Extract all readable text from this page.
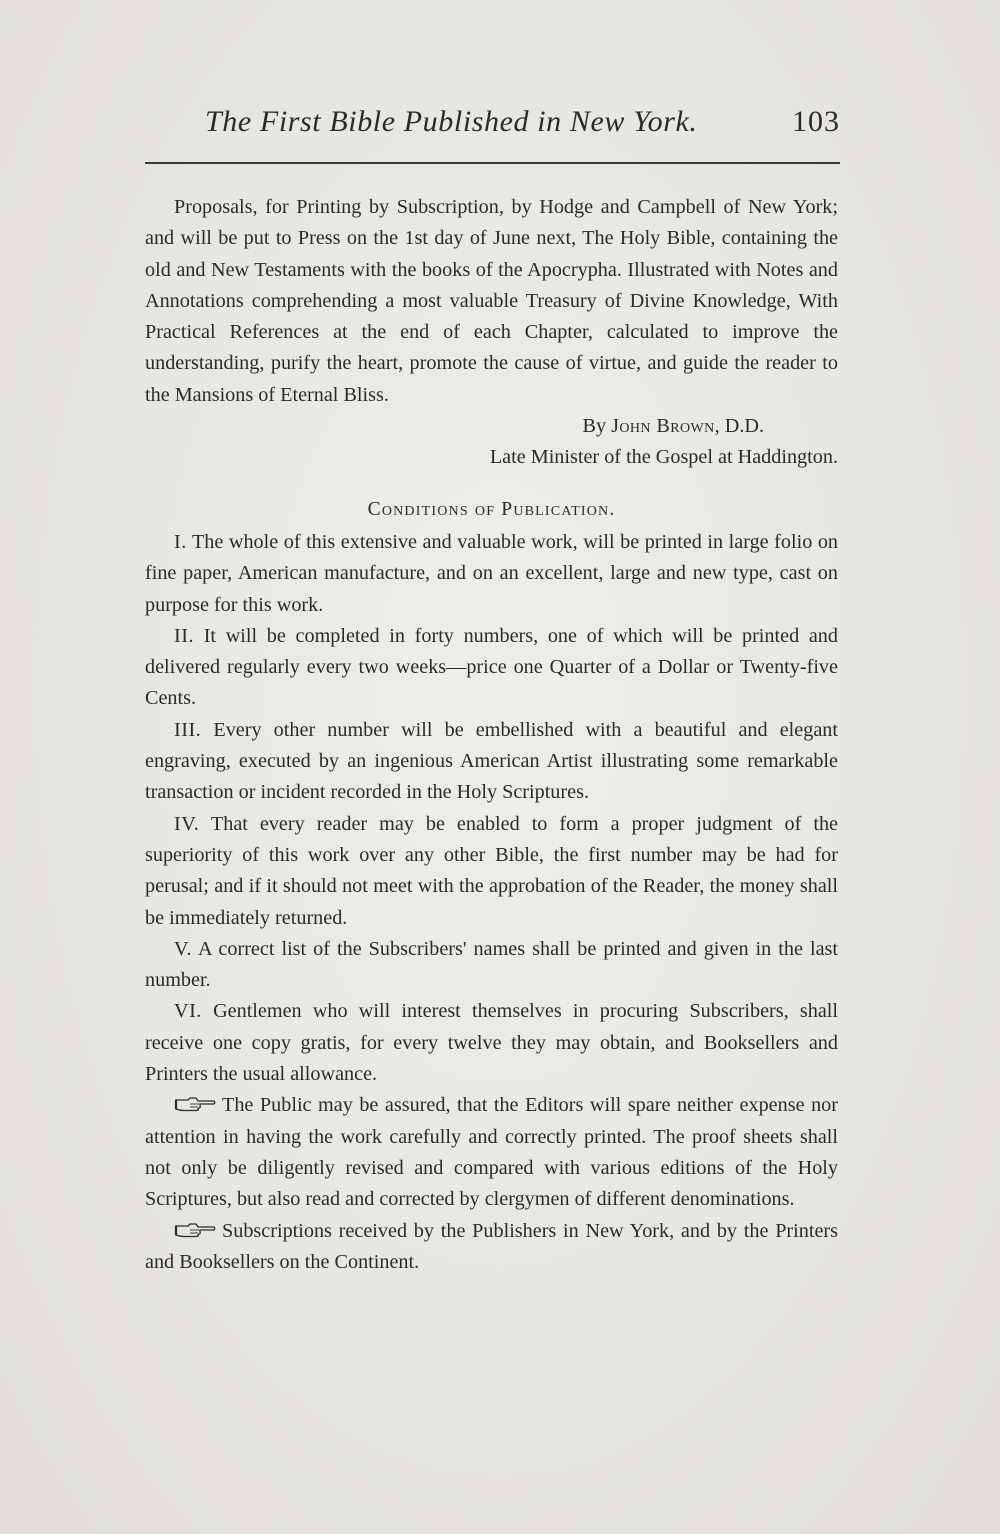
The First Bible Published in New York.	103

Proposals, for Printing by Subscription, by Hodge and Campbell of New York; and will be put to Press on the 1st day of June next, The Holy Bible, containing the old and New Testaments with the books of the Apocrypha. Illustrated with Notes and Annotations comprehending a most valuable Treasury of Divine Knowledge, With Practical References at the end of each Chapter, calculated to improve the understanding, purify the heart, promote the cause of virtue, and guide the reader to the Mansions of Eternal Bliss.

By John Brown, D.D.

Late Minister of the Gospel at Haddington.

Conditions of Publication.

I. The whole of this extensive and valuable work, will be printed in large folio on fine paper, American manufacture, and on an excellent, large and new type, cast on purpose for this work.

II. It will be completed in forty numbers, one of which will be printed and delivered regularly every two weeks—price one Quarter of a Dollar or Twenty-five Cents.

III. Every other number will be embellished with a beautiful and elegant engraving, executed by an ingenious American Artist illustrating some remarkable transaction or incident recorded in the Holy Scriptures.

IV. That every reader may be enabled to form a proper judgment of the superiority of this work over any other Bible, the first number may be had for perusal; and if it should not meet with the approbation of the Reader, the money shall be immediately returned.

V. A correct list of the Subscribers' names shall be printed and given in the last number.

VI. Gentlemen who will interest themselves in procuring Subscribers, shall receive one copy gratis, for every twelve they may obtain, and Booksellers and Printers the usual allowance.

The Public may be assured, that the Editors will spare neither expense nor attention in having the work carefully and correctly printed. The proof sheets shall not only be diligently revised and compared with various editions of the Holy Scriptures, but also read and corrected by clergymen of different denominations.

Subscriptions received by the Publishers in New York, and by the Printers and Booksellers on the Continent.
